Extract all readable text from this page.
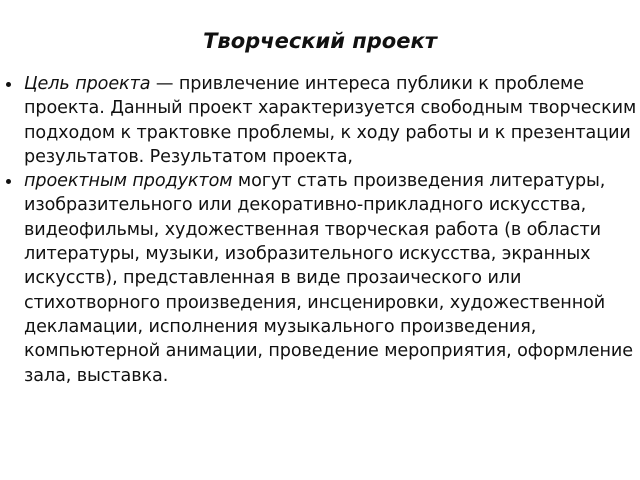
Творческий проект
Цель проекта — привлечение интереса публики к проблеме проекта. Данный проект характеризуется свободным творческим подходом к трактовке проблемы, к ходу работы и к презентации результатов. Результатом проекта,
проектным продуктом могут стать произведения литературы, изобразительного или декоративно-прикладного искусства, видеофильмы, художественная творческая работа (в области литературы, музыки, изобразительного искусства, экранных искусств), представленная в виде прозаического или стихотворного произведения, инсценировки, художественной декламации, исполнения музыкального произведения, компьютерной анимации, проведение мероприятия, оформление зала, выставка.
